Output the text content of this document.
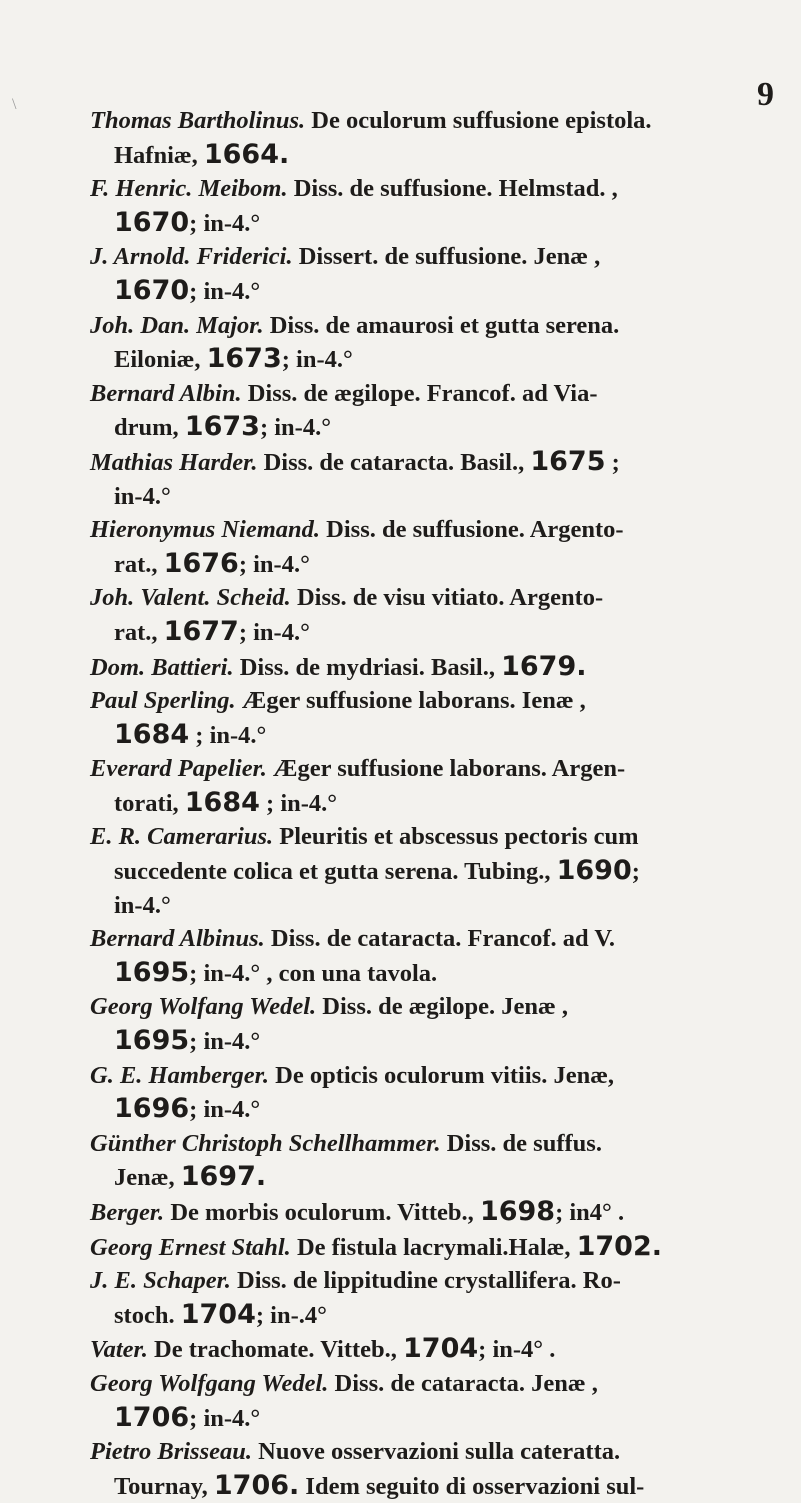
9
Thomas Bartholinus. De oculorum suffusione epistola.
Hafniæ, 1664.
F. Henric. Meibom. Diss. de suffusione. Helmstad. ,
1670; in-4.°
J. Arnold. Friderici. Dissert. de suffusione. Jenæ ,
1670; in-4.°
Joh. Dan. Major. Diss. de amaurosi et gutta serena.
Eiloniæ, 1673; in-4.°
Bernard Albin. Diss. de ægilope. Francof. ad Via-
drum, 1673; in-4.°
Mathias Harder. Diss. de cataracta. Basil., 1675 ;
in-4.°
Hieronymus Niemand. Diss. de suffusione. Argento-
rat., 1676; in-4.°
Joh. Valent. Scheid. Diss. de visu vitiato. Argento-
rat., 1677; in-4.°
Dom. Battieri. Diss. de mydriasi. Basil., 1679.
Paul Sperling. Æger suffusione laborans. Ienæ ,
1684 ; in-4.°
Everard Papelier. Æger suffusione laborans. Argen-
torati, 1684 ; in-4.°
E. R. Camerarius. Pleuritis et abscessus pectoris cum
succedente colica et gutta serena. Tubing., 1690;
in-4.°
Bernard Albinus. Diss. de cataracta. Francof. ad V.
1695; in-4.° , con una tavola.
Georg Wolfang Wedel. Diss. de ægilope. Jenæ ,
1695; in-4.°
G. E. Hamberger. De opticis oculorum vitiis. Jenæ,
1696; in-4.°
Günther Christoph Schellhammer. Diss. de suffus.
Jenæ, 1697.
Berger. De morbis oculorum. Vitteb., 1698; in4° .
Georg Ernest Stahl. De fistula lacrymali.Halæ, 1702.
J. E. Schaper. Diss. de lippitudine crystallifera. Ro-
stoch. 1704; in-.4°
Vater. De trachomate. Vitteb., 1704; in-4° .
Georg Wolfgang Wedel. Diss. de cataracta. Jenæ ,
1706; in-4.°
Pietro Brisseau. Nuove osservazioni sulla cateratta.
Tournay, 1706. Idem seguito di osservazioni sul-
\
